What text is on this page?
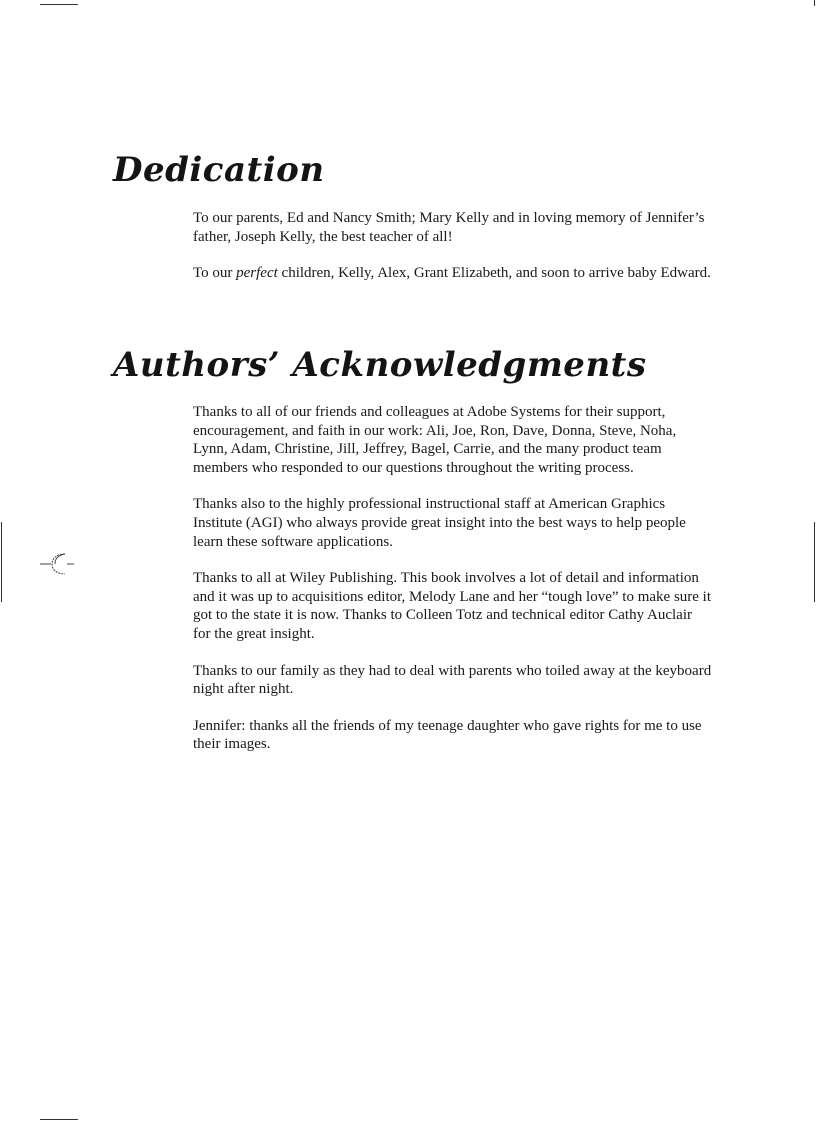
Dedication

To our parents, Ed and Nancy Smith; Mary Kelly and in loving memory of Jennifer’s father, Joseph Kelly, the best teacher of all!

To our perfect children, Kelly, Alex, Grant Elizabeth, and soon to arrive baby Edward.

Authors’ Acknowledgments

Thanks to all of our friends and colleagues at Adobe Systems for their support, encouragement, and faith in our work: Ali, Joe, Ron, Dave, Donna, Steve, Noha, Lynn, Adam, Christine, Jill, Jeffrey, Bagel, Carrie, and the many product team members who responded to our questions throughout the writing process.

Thanks also to the highly professional instructional staff at American Graphics Institute (AGI) who always provide great insight into the best ways to help people learn these software applications.

Thanks to all at Wiley Publishing. This book involves a lot of detail and information and it was up to acquisitions editor, Melody Lane and her “tough love” to make sure it got to the state it is now. Thanks to Colleen Totz and technical editor Cathy Auclair for the great insight.

Thanks to our family as they had to deal with parents who toiled away at the keyboard night after night.

Jennifer: thanks all the friends of my teenage daughter who gave rights for me to use their images.
